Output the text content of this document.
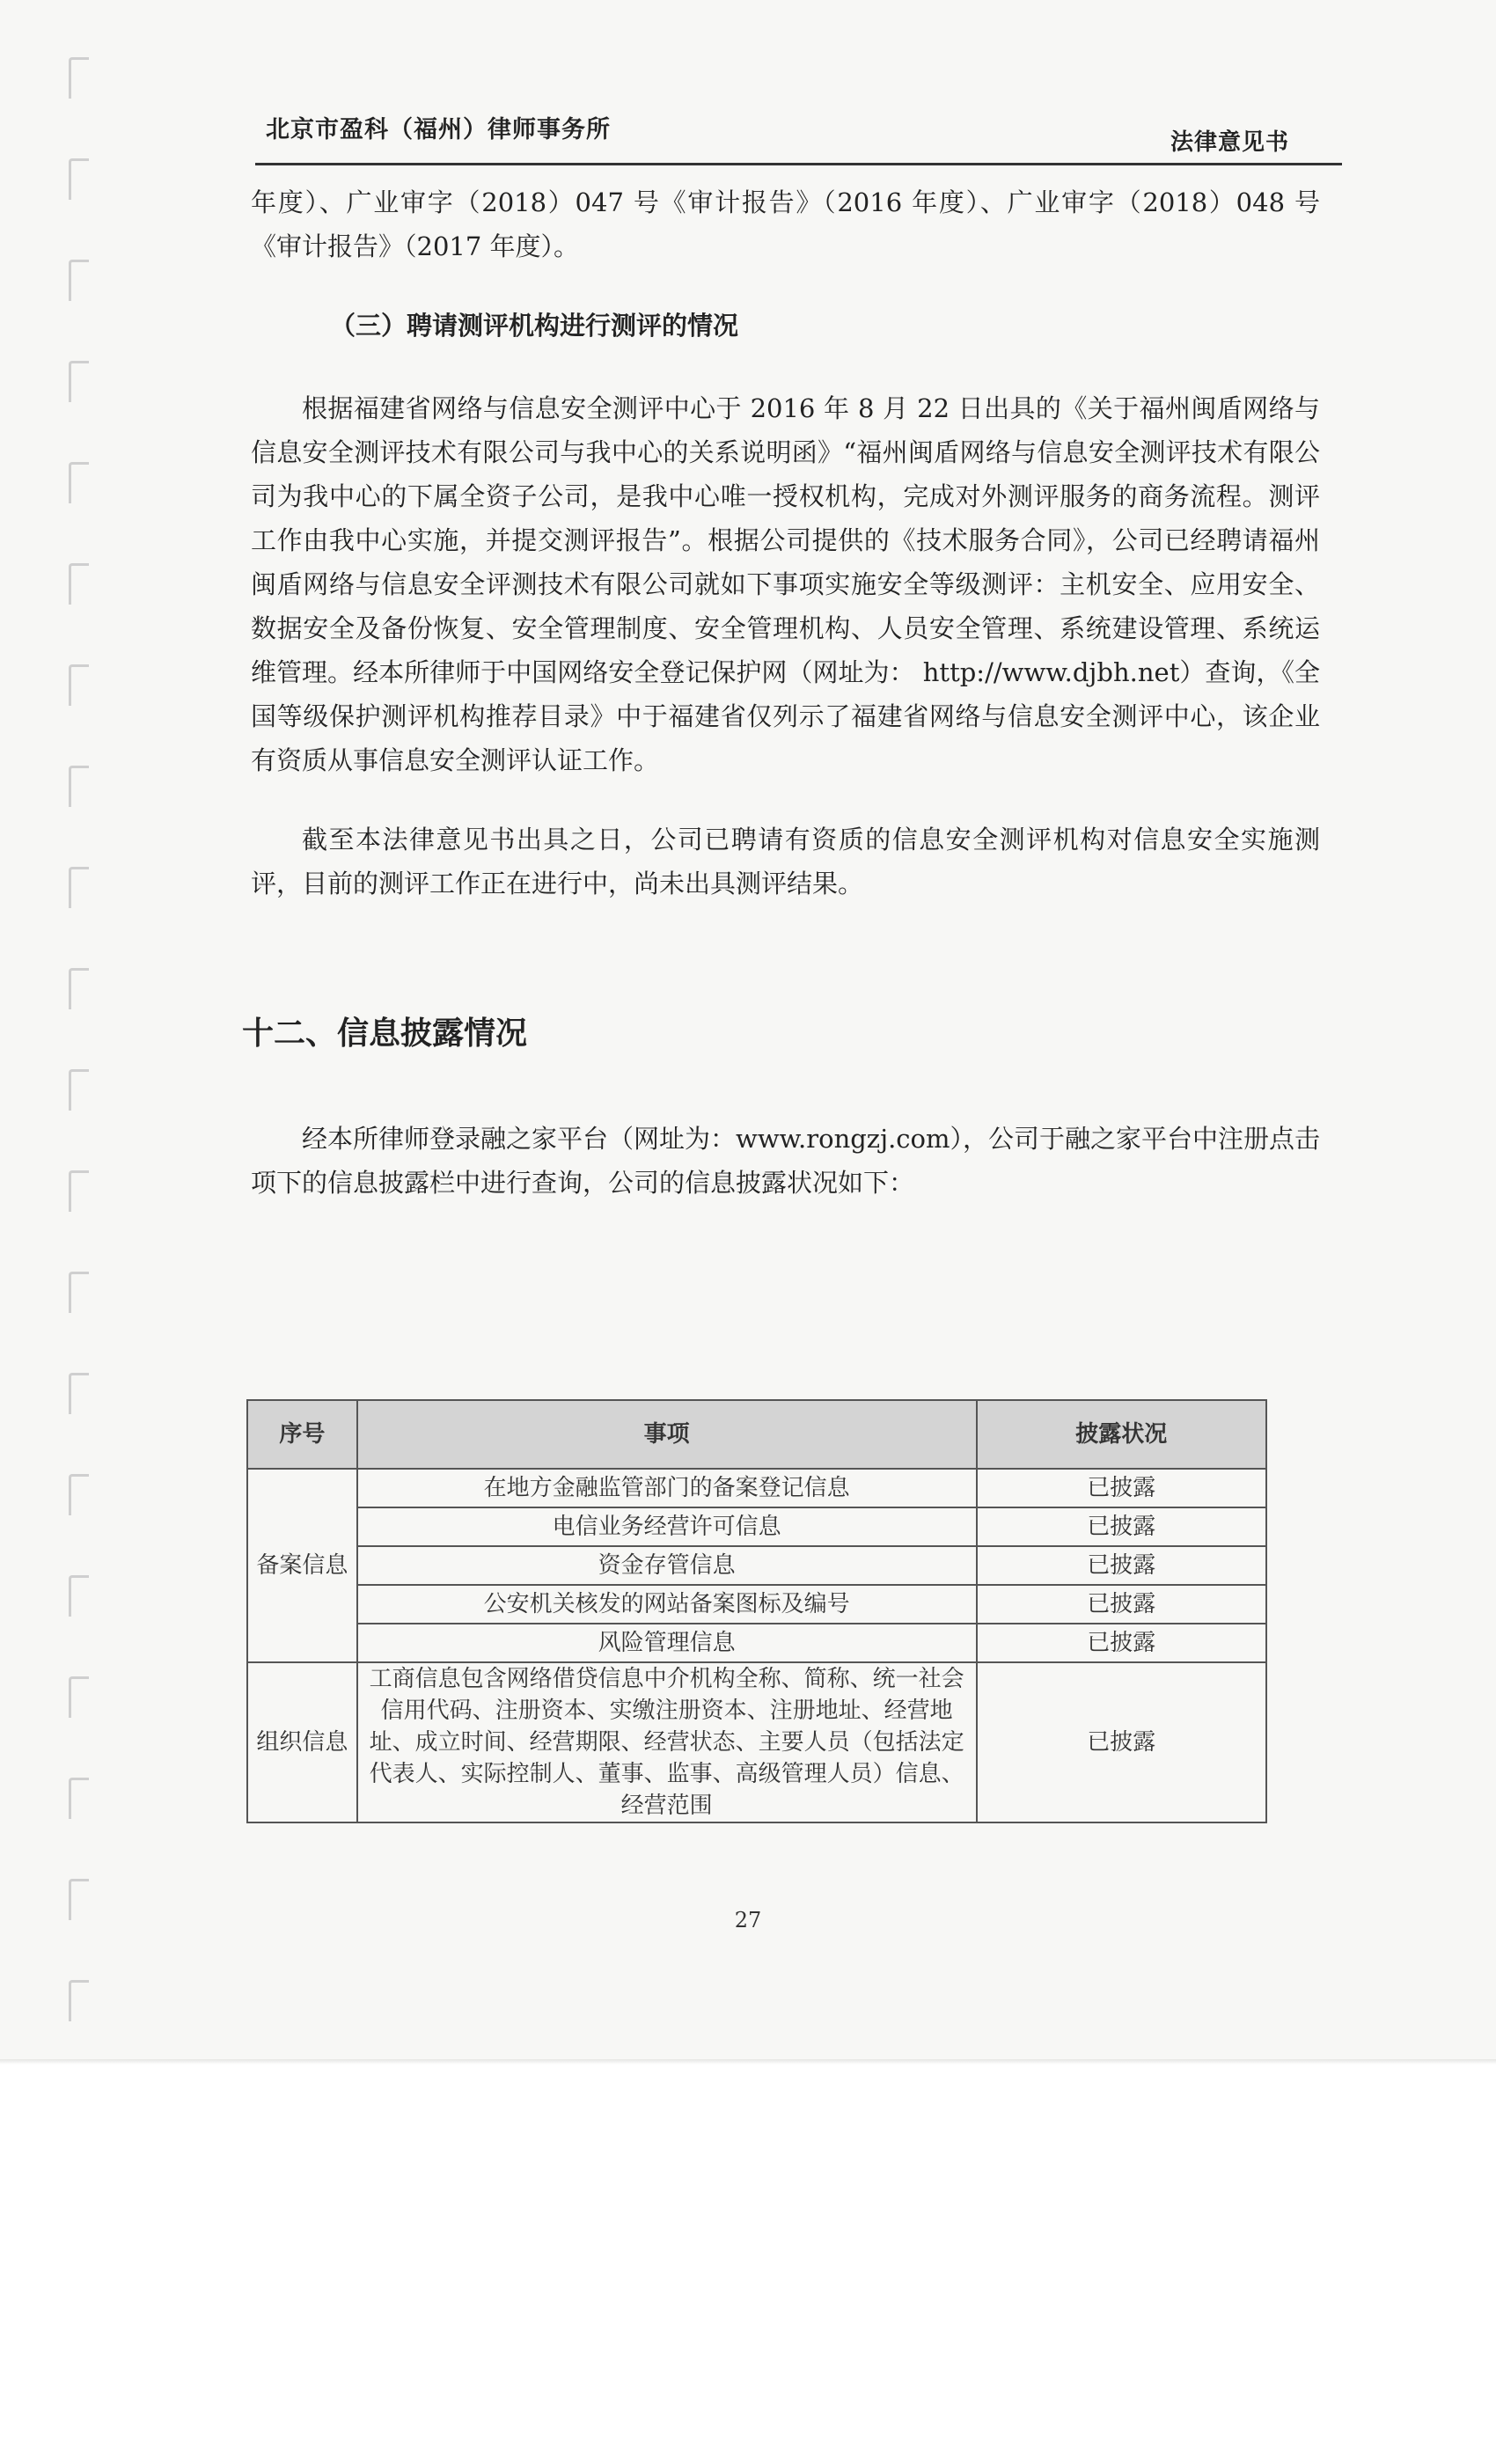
北京市盈科（福州）律师事务所	法律意见书

年度）、广业审字（2018）047 号《审计报告》（2016 年度）、广业审字（2018）048 号《审计报告》（2017 年度）。

（三）聘请测评机构进行测评的情况

根据福建省网络与信息安全测评中心于 2016 年 8 月 22 日出具的《关于福州闽盾网络与信息安全测评技术有限公司与我中心的关系说明函》“福州闽盾网络与信息安全测评技术有限公司为我中心的下属全资子公司，是我中心唯一授权机构，完成对外测评服务的商务流程。测评工作由我中心实施，并提交测评报告”。根据公司提供的《技术服务合同》，公司已经聘请福州闽盾网络与信息安全评测技术有限公司就如下事项实施安全等级测评：主机安全、应用安全、数据安全及备份恢复、安全管理制度、安全管理机构、人员安全管理、系统建设管理、系统运维管理。经本所律师于中国网络安全登记保护网（网址为： http://www.djbh.net）查询，《全国等级保护测评机构推荐目录》中于福建省仅列示了福建省网络与信息安全测评中心，该企业有资质从事信息安全测评认证工作。

截至本法律意见书出具之日，公司已聘请有资质的信息安全测评机构对信息安全实施测评，目前的测评工作正在进行中，尚未出具测评结果。

十二、信息披露情况

经本所律师登录融之家平台（网址为：www.rongzj.com），公司于融之家平台中注册点击项下的信息披露栏中进行查询，公司的信息披露状况如下：

序号	事项	披露状况
备案信息	在地方金融监管部门的备案登记信息	已披露
	电信业务经营许可信息	已披露
	资金存管信息	已披露
	公安机关核发的网站备案图标及编号	已披露
	风险管理信息	已披露
组织信息	工商信息包含网络借贷信息中介机构全称、简称、统一社会信用代码、注册资本、实缴注册资本、注册地址、经营地址、成立时间、经营期限、经营状态、主要人员（包括法定代表人、实际控制人、董事、监事、高级管理人员）信息、经营范围	已披露
27
